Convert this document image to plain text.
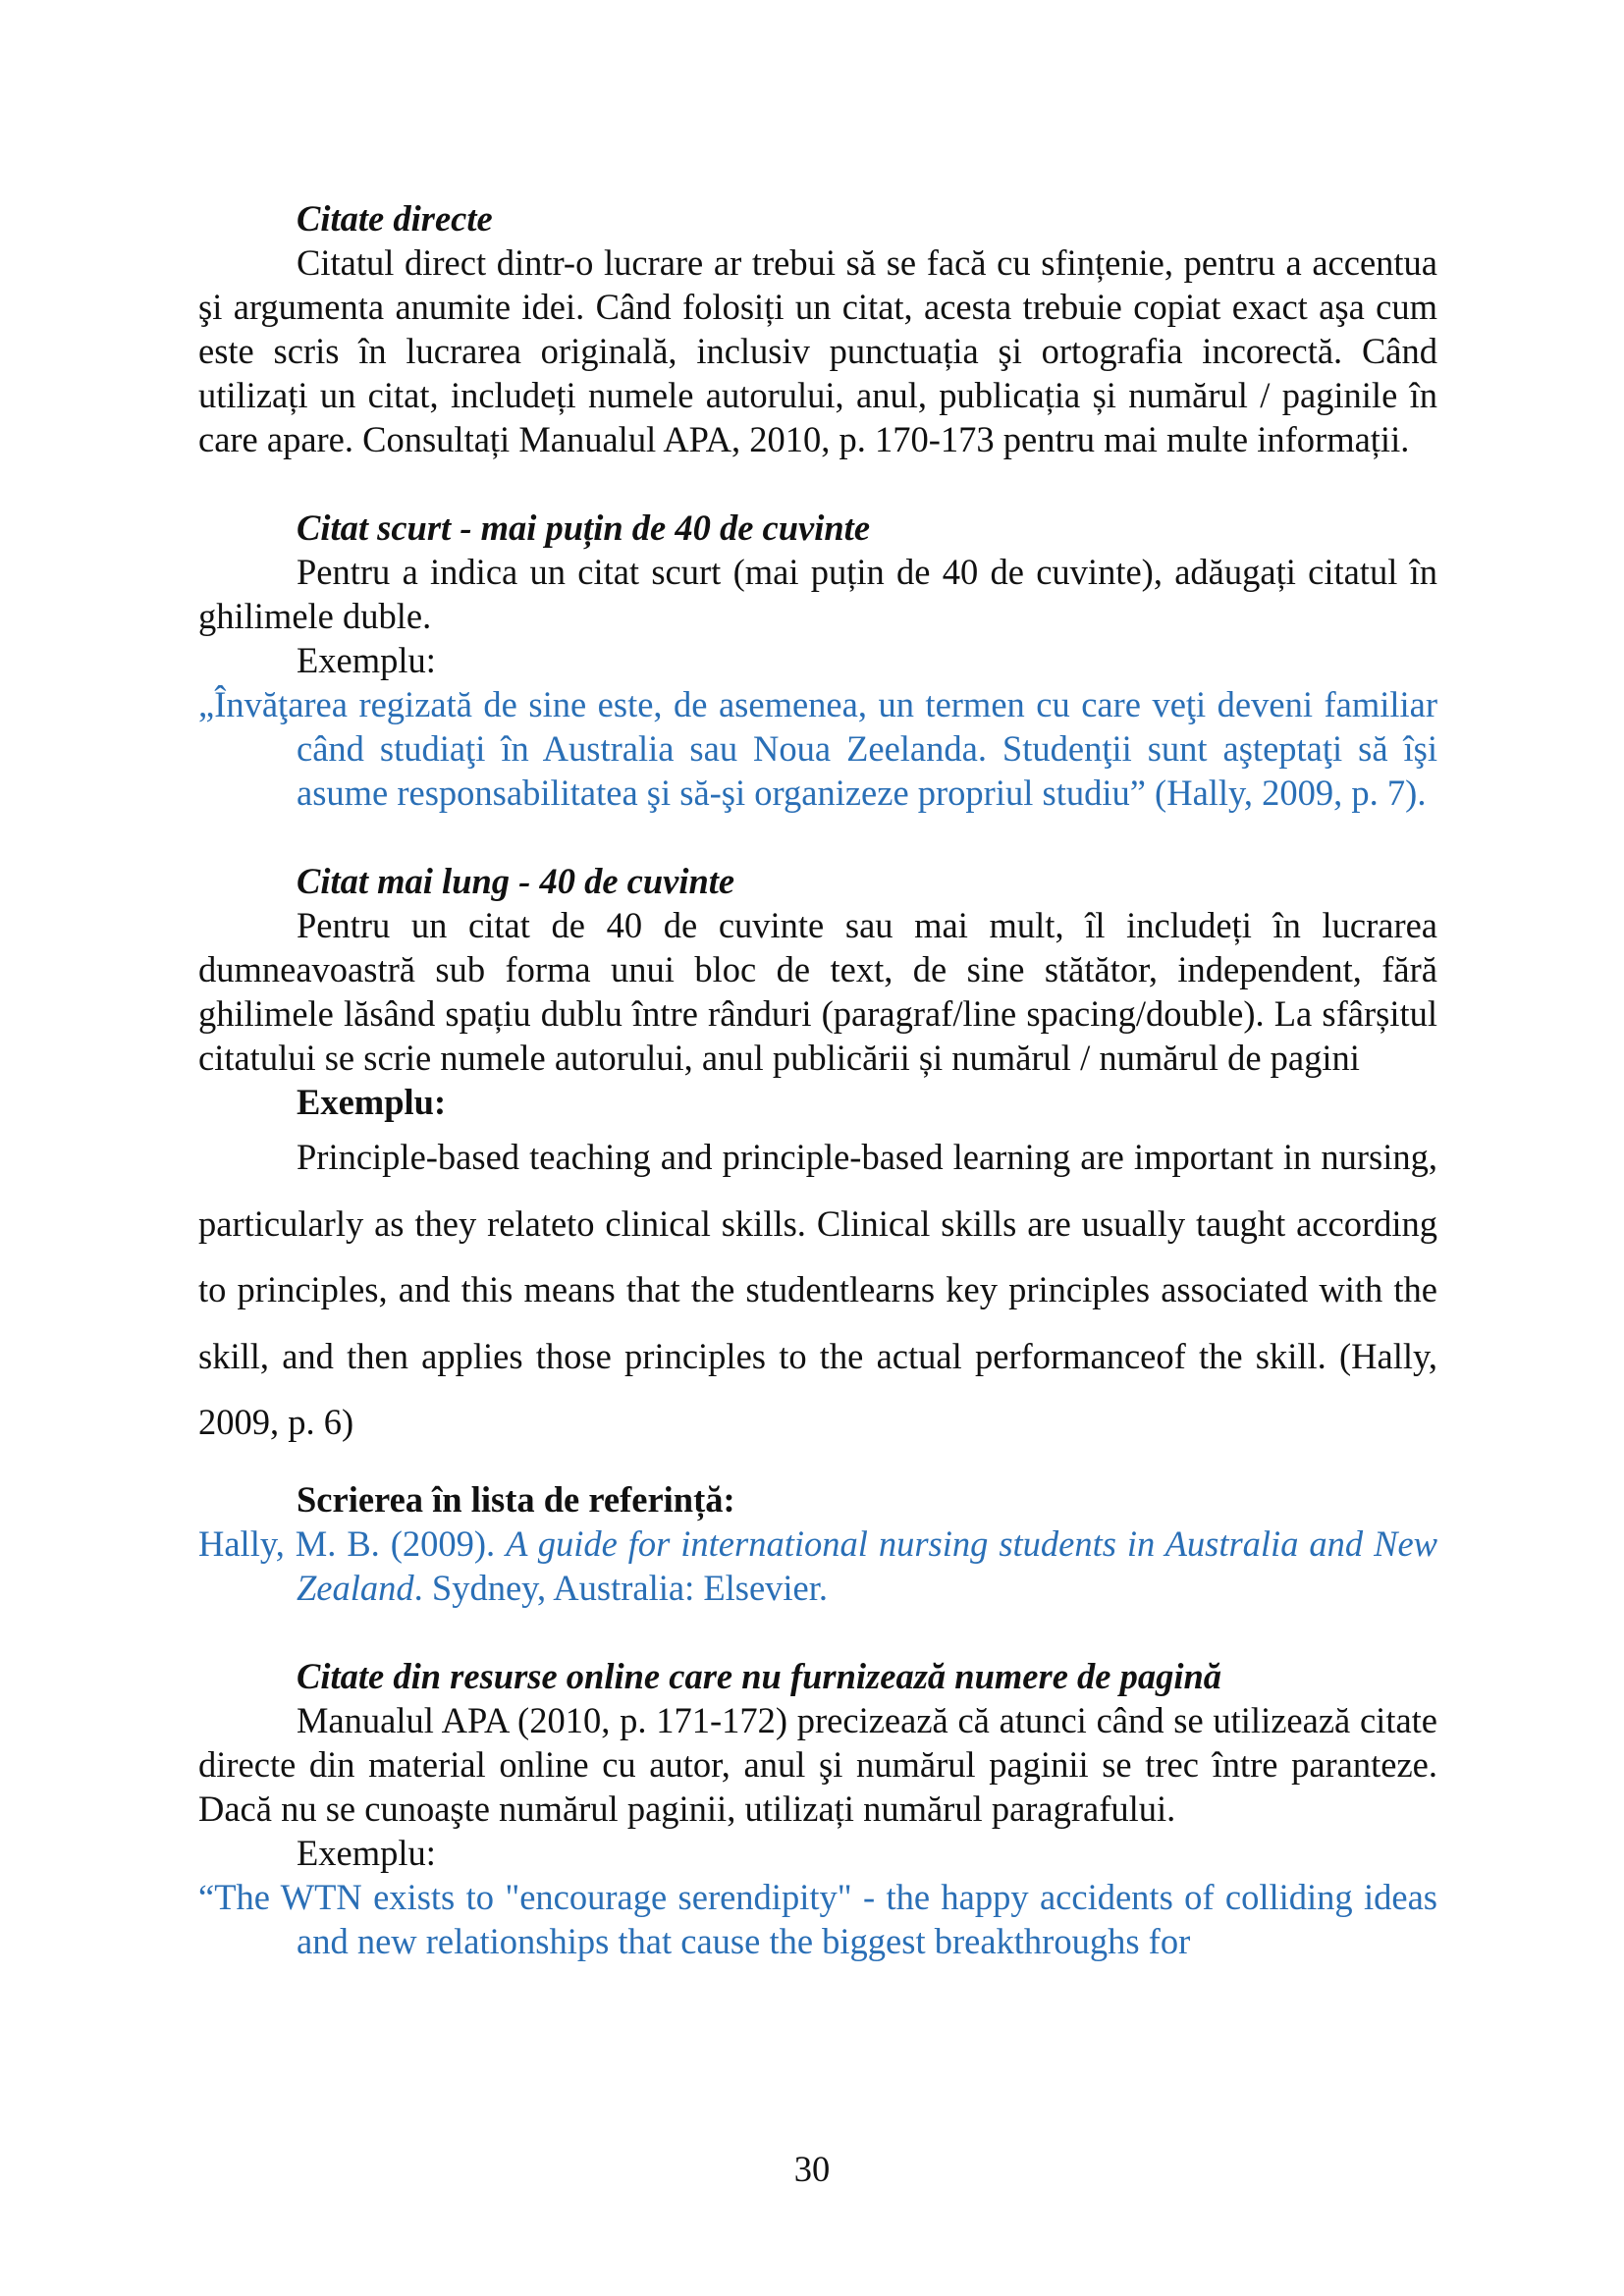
Citate directe
Citatul direct dintr-o lucrare ar trebui să se facă cu sfințenie, pentru a accentua şi argumenta anumite idei. Când folosiți un citat, acesta trebuie copiat exact aşa cum este scris în lucrarea originală, inclusiv punctuația şi ortografia incorectă. Când utilizați un citat, includeți numele autorului, anul, publicația și numărul / paginile în care apare. Consultați Manualul APA, 2010, p. 170-173 pentru mai multe informații.
Citat scurt - mai puțin de 40 de cuvinte
Pentru a indica un citat scurt (mai puțin de 40 de cuvinte), adăugați citatul în ghilimele duble.
Exemplu:
„Învăţarea regizată de sine este, de asemenea, un termen cu care veţi deveni familiar când studiaţi în Australia sau Noua Zeelanda. Studenţii sunt aşteptaţi să îşi asume responsabilitatea şi să-şi organizeze propriul studiu” (Hally, 2009, p. 7).
Citat mai lung - 40 de cuvinte
Pentru un citat de 40 de cuvinte sau mai mult, îl includeți în lucrarea dumneavoastră sub forma unui bloc de text, de sine stătător, independent, fără ghilimele lăsând spațiu dublu între rânduri (paragraf/line spacing/double). La sfârșitul citatului se scrie numele autorului, anul publicării și numărul / numărul de pagini
Exemplu:
Principle-based teaching and principle-based learning are important in nursing, particularly as they relateto clinical skills. Clinical skills are usually taught according to principles, and this means that the studentlearns key principles associated with the skill, and then applies those principles to the actual performanceof the skill. (Hally, 2009, p. 6)
Scrierea în lista de referință:
Hally, M. B. (2009). A guide for international nursing students in Australia and New Zealand. Sydney, Australia: Elsevier.
Citate din resurse online care nu furnizează numere de pagină
Manualul APA (2010, p. 171-172) precizează că atunci când se utilizează citate directe din material online cu autor, anul şi numărul paginii se trec între paranteze. Dacă nu se cunoaşte numărul paginii, utilizați numărul paragrafului.
Exemplu:
“The WTN exists to "encourage serendipity" - the happy accidents of colliding ideas and new relationships that cause the biggest breakthroughs for
30
